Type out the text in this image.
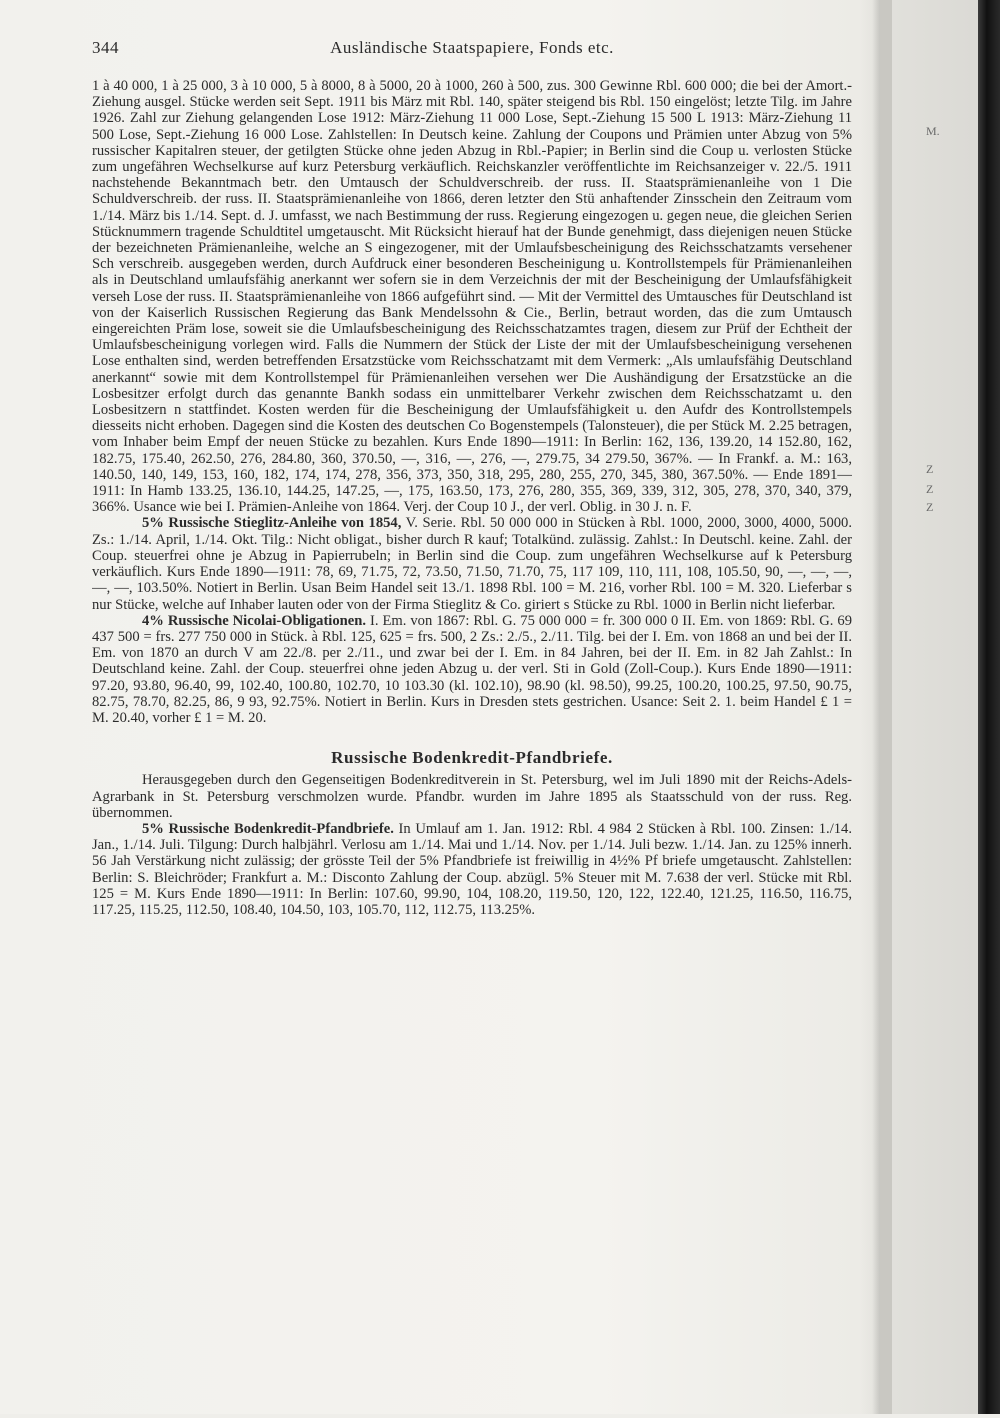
344	Ausländische Staatspapiere, Fonds etc.

1 à 40 000, 1 à 25 000, 3 à 10 000, 5 à 8000, 8 à 5000, 20 à 1000, 260 à 500, zus. 300 Gewinne Rbl. 600 000; die bei der Amort.-Ziehung ausgel. Stücke werden seit Sept. 1911 bis März mit Rbl. 140, später steigend bis Rbl. 150 eingelöst; letzte Tilg. im Jahre 1926. Zahl zur Ziehung gelangenden Lose 1912: März-Ziehung 11 000 Lose, Sept.-Ziehung 15 500 L 1913: März-Ziehung 11 500 Lose, Sept.-Ziehung 16 000 Lose. Zahlstellen: In Deutsch keine. Zahlung der Coupons und Prämien unter Abzug von 5% russischer Kapitalren steuer, der getilgten Stücke ohne jeden Abzug in Rbl.-Papier; in Berlin sind die Coup u. verlosten Stücke zum ungefähren Wechselkurse auf kurz Petersburg verkäuflich. Reichskanzler veröffentlichte im Reichsanzeiger v. 22./5. 1911 nachstehende Bekanntmach betr. den Umtausch der Schuldverschreib. der russ. II. Staatsprämienanleihe von 1 Die Schuldverschreib. der russ. II. Staatsprämienanleihe von 1866, deren letzter den Stü anhaftender Zinsschein den Zeitraum vom 1./14. März bis 1./14. Sept. d. J. umfasst, we nach Bestimmung der russ. Regierung eingezogen u. gegen neue, die gleichen Serien Stücknummern tragende Schuldtitel umgetauscht. Mit Rücksicht hierauf hat der Bunde genehmigt, dass diejenigen neuen Stücke der bezeichneten Prämienanleihe, welche an S eingezogener, mit der Umlaufsbescheinigung des Reichsschatzamts versehener Sch verschreib. ausgegeben werden, durch Aufdruck einer besonderen Bescheinigung u. Kontrollstempels für Prämienanleihen als in Deutschland umlaufsfähig anerkannt wer sofern sie in dem Verzeichnis der mit der Bescheinigung der Umlaufsfähigkeit verseh Lose der russ. II. Staatsprämienanleihe von 1866 aufgeführt sind. — Mit der Vermittel des Umtausches für Deutschland ist von der Kaiserlich Russischen Regierung das Bank Mendelssohn & Cie., Berlin, betraut worden, das die zum Umtausch eingereichten Präm lose, soweit sie die Umlaufsbescheinigung des Reichsschatzamtes tragen, diesem zur Prüf der Echtheit der Umlaufsbescheinigung vorlegen wird. Falls die Nummern der Stück der Liste der mit der Umlaufsbescheinigung versehenen Lose enthalten sind, werden betreffenden Ersatzstücke vom Reichsschatzamt mit dem Vermerk: „Als umlaufsfähig Deutschland anerkannt“ sowie mit dem Kontrollstempel für Prämienanleihen versehen wer Die Aushändigung der Ersatzstücke an die Losbesitzer erfolgt durch das genannte Bankh sodass ein unmittelbarer Verkehr zwischen dem Reichsschatzamt u. den Losbesitzern n stattfindet. Kosten werden für die Bescheinigung der Umlaufsfähigkeit u. den Aufdr des Kontrollstempels diesseits nicht erhoben. Dagegen sind die Kosten des deutschen Co Bogenstempels (Talonsteuer), die per Stück M. 2.25 betragen, vom Inhaber beim Empf der neuen Stücke zu bezahlen. Kurs Ende 1890—1911: In Berlin: 162, 136, 139.20, 14 152.80, 162, 182.75, 175.40, 262.50, 276, 284.80, 360, 370.50, —, 316, —, 276, —, 279.75, 34 279.50, 367%. — In Frankf. a. M.: 163, 140.50, 140, 149, 153, 160, 182, 174, 174, 278, 356, 373, 350, 318, 295, 280, 255, 270, 345, 380, 367.50%. — Ende 1891—1911: In Hamb 133.25, 136.10, 144.25, 147.25, —, 175, 163.50, 173, 276, 280, 355, 369, 339, 312, 305, 278, 370, 340, 379, 366%. Usance wie bei I. Prämien-Anleihe von 1864. Verj. der Coup 10 J., der verl. Oblig. in 30 J. n. F.

5% Russische Stieglitz-Anleihe von 1854, V. Serie. Rbl. 50 000 000 in Stücken à Rbl. 1000, 2000, 3000, 4000, 5000. Zs.: 1./14. April, 1./14. Okt. Tilg.: Nicht obligat., bisher durch R kauf; Totalkünd. zulässig. Zahlst.: In Deutschl. keine. Zahl. der Coup. steuerfrei ohne je Abzug in Papierrubeln; in Berlin sind die Coup. zum ungefähren Wechselkurse auf k Petersburg verkäuflich. Kurs Ende 1890—1911: 78, 69, 71.75, 72, 73.50, 71.50, 71.70, 75, 117 109, 110, 111, 108, 105.50, 90, —, —, —, —, —, 103.50%. Notiert in Berlin. Usan Beim Handel seit 13./1. 1898 Rbl. 100 = M. 216, vorher Rbl. 100 = M. 320. Lieferbar s nur Stücke, welche auf Inhaber lauten oder von der Firma Stieglitz & Co. giriert s Stücke zu Rbl. 1000 in Berlin nicht lieferbar.

4% Russische Nicolai-Obligationen. I. Em. von 1867: Rbl. G. 75 000 000 = fr. 300 000 0 II. Em. von 1869: Rbl. G. 69 437 500 = frs. 277 750 000 in Stück. à Rbl. 125, 625 = frs. 500, 2 Zs.: 2./5., 2./11. Tilg. bei der I. Em. von 1868 an und bei der II. Em. von 1870 an durch V am 22./8. per 2./11., und zwar bei der I. Em. in 84 Jahren, bei der II. Em. in 82 Jah Zahlst.: In Deutschland keine. Zahl. der Coup. steuerfrei ohne jeden Abzug u. der verl. Sti in Gold (Zoll-Coup.). Kurs Ende 1890—1911: 97.20, 93.80, 96.40, 99, 102.40, 100.80, 102.70, 10 103.30 (kl. 102.10), 98.90 (kl. 98.50), 99.25, 100.20, 100.25, 97.50, 90.75, 82.75, 78.70, 82.25, 86, 9 93, 92.75%. Notiert in Berlin. Kurs in Dresden stets gestrichen. Usance: Seit 2. 1. beim Handel £ 1 = M. 20.40, vorher £ 1 = M. 20.

Russische Bodenkredit-Pfandbriefe.

Herausgegeben durch den Gegenseitigen Bodenkreditverein in St. Petersburg, wel im Juli 1890 mit der Reichs-Adels-Agrarbank in St. Petersburg verschmolzen wurde. Pfandbr. wurden im Jahre 1895 als Staatsschuld von der russ. Reg. übernommen.

5% Russische Bodenkredit-Pfandbriefe. In Umlauf am 1. Jan. 1912: Rbl. 4 984 2 Stücken à Rbl. 100. Zinsen: 1./14. Jan., 1./14. Juli. Tilgung: Durch halbjährl. Verlosu am 1./14. Mai und 1./14. Nov. per 1./14. Juli bezw. 1./14. Jan. zu 125% innerh. 56 Jah Verstärkung nicht zulässig; der grösste Teil der 5% Pfandbriefe ist freiwillig in 4½% Pf briefe umgetauscht. Zahlstellen: Berlin: S. Bleichröder; Frankfurt a. M.: Disconto Zahlung der Coup. abzügl. 5% Steuer mit M. 7.638 der verl. Stücke mit Rbl. 125 = M. Kurs Ende 1890—1911: In Berlin: 107.60, 99.90, 104, 108.20, 119.50, 120, 122, 122.40, 121.25, 116.50, 116.75, 117.25, 115.25, 112.50, 108.40, 104.50, 103, 105.70, 112, 112.75, 113.25%.

Z
Z
Z
M.
